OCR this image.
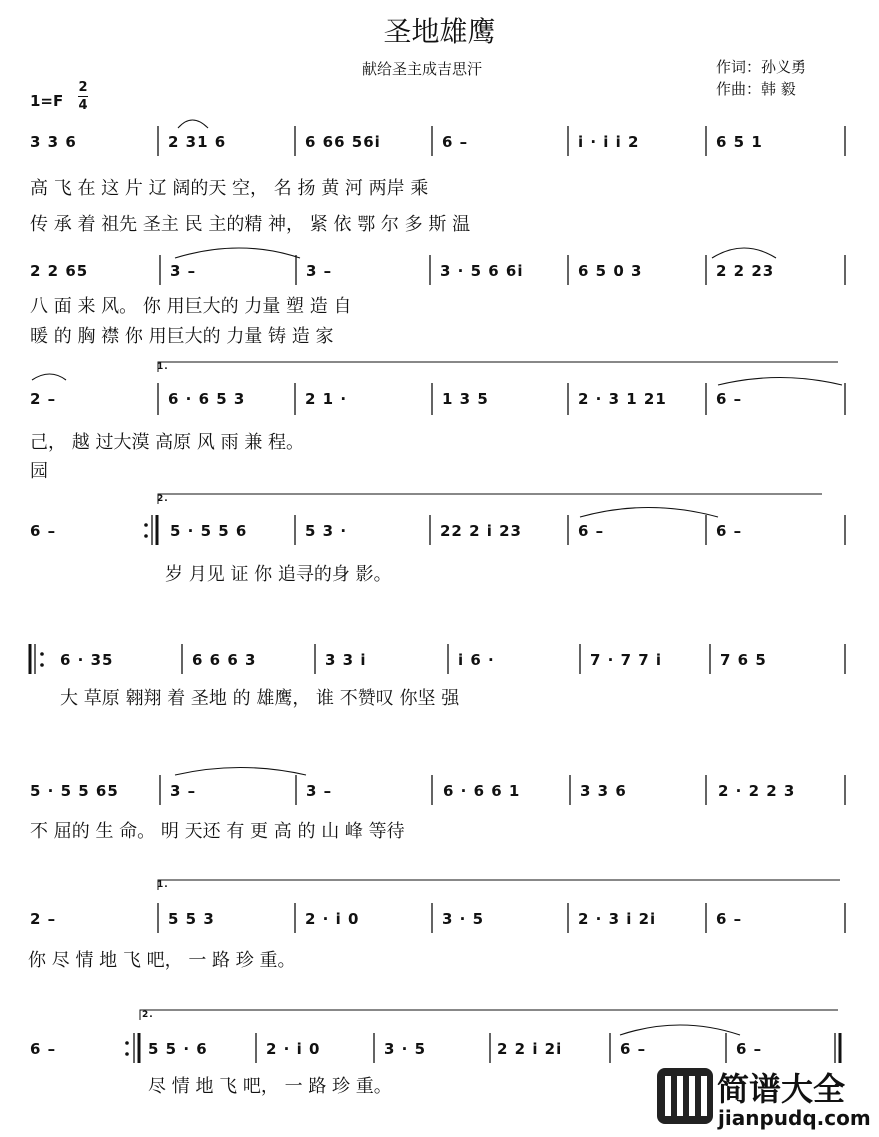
圣地雄鹰
献给圣主成吉思汗	作词：孙义勇
作曲：韩 毅
1=F
2
4
3 3 6	2 31 6	6 66 56i	6 –	i · i i 2	6 5 1
高 飞 在 这 片 辽 阔的天 空， 名 扬 黄 河 两岸 乘
传 承 着 祖先 圣主 民 主的精 神， 紧 依 鄂 尔 多 斯 温
2 2 65	3 –	3 –	3 · 5 6 6i	6 5 0 3	2 2 23
八 面 来 风。 你 用巨大的 力量 塑 造 自
暖 的 胸 襟 你 用巨大的 力量 铸 造 家
1.
2 –	6 · 6 5 3	2 1 ·	1 3 5	2 · 3 1 21	6 –
己， 越 过大漠 高原 风 雨 兼 程。
园
2.
6 –	5 · 5 5 6	5 3 ·	22 2 i 23	6 –	6 –
岁 月见 证 你 追寻的身 影。
6 · 35	6 6 6 3	3 3 i	i 6 ·	7 · 7 7 i	7 6 5
大 草原 翱翔 着 圣地 的 雄鹰， 谁 不赞叹 你坚 强
5 · 5 5 65	3 –	3 –	6 · 6 6 1	3 3 6	2 · 2 2 3
不 屈的 生 命。 明 天还 有 更 高 的 山 峰 等待
1.
2 –	5 5 3	2 · i 0	3 · 5	2 · 3 i 2i	6 –
你 尽 情 地 飞 吧， 一 路 珍 重。
2.
6 –	5 5 · 6	2 · i 0	3 · 5	2 2 i 2i	6 –	6 –
尽 情 地 飞 吧， 一 路 珍 重。	简谱大全
jianpudq.com
